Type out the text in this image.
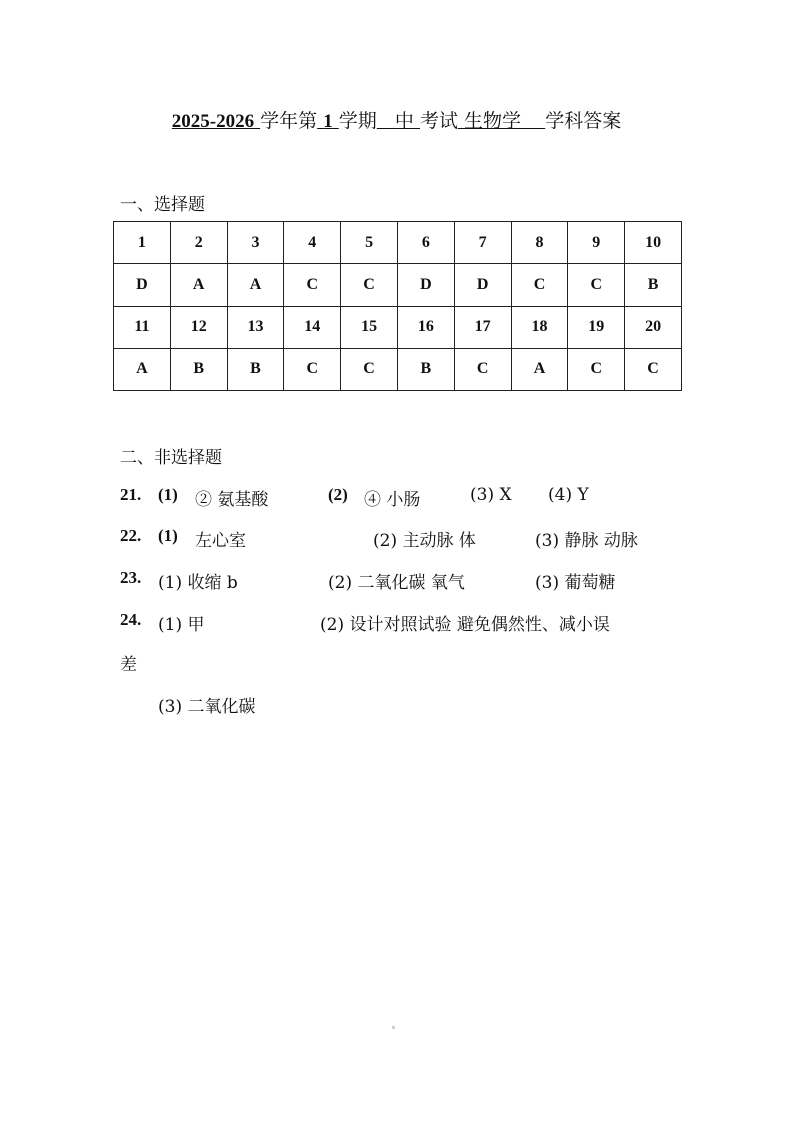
2025-2026 学年第 1 学期 中 考试 生物学 学科答案
一、选择题
1	2	3	4	5	6	7	8	9	10
D	A	A	C	C	D	D	C	C	B
11	12	13	14	15	16	17	18	19	20
A	B	B	C	C	B	C	A	C	C
二、非选择题
21. (1) ② 氨基酸	(2) ④ 小肠	(3) X (4) Y
22. (1) 左心室	(2) 主动脉 体	(3) 静脉 动脉
23. (1) 收缩 b	(2) 二氧化碳 氧气	(3) 葡萄糖
24. (1) 甲	(2) 设计对照试验 避免偶然性、减小误
差
(3) 二氧化碳
